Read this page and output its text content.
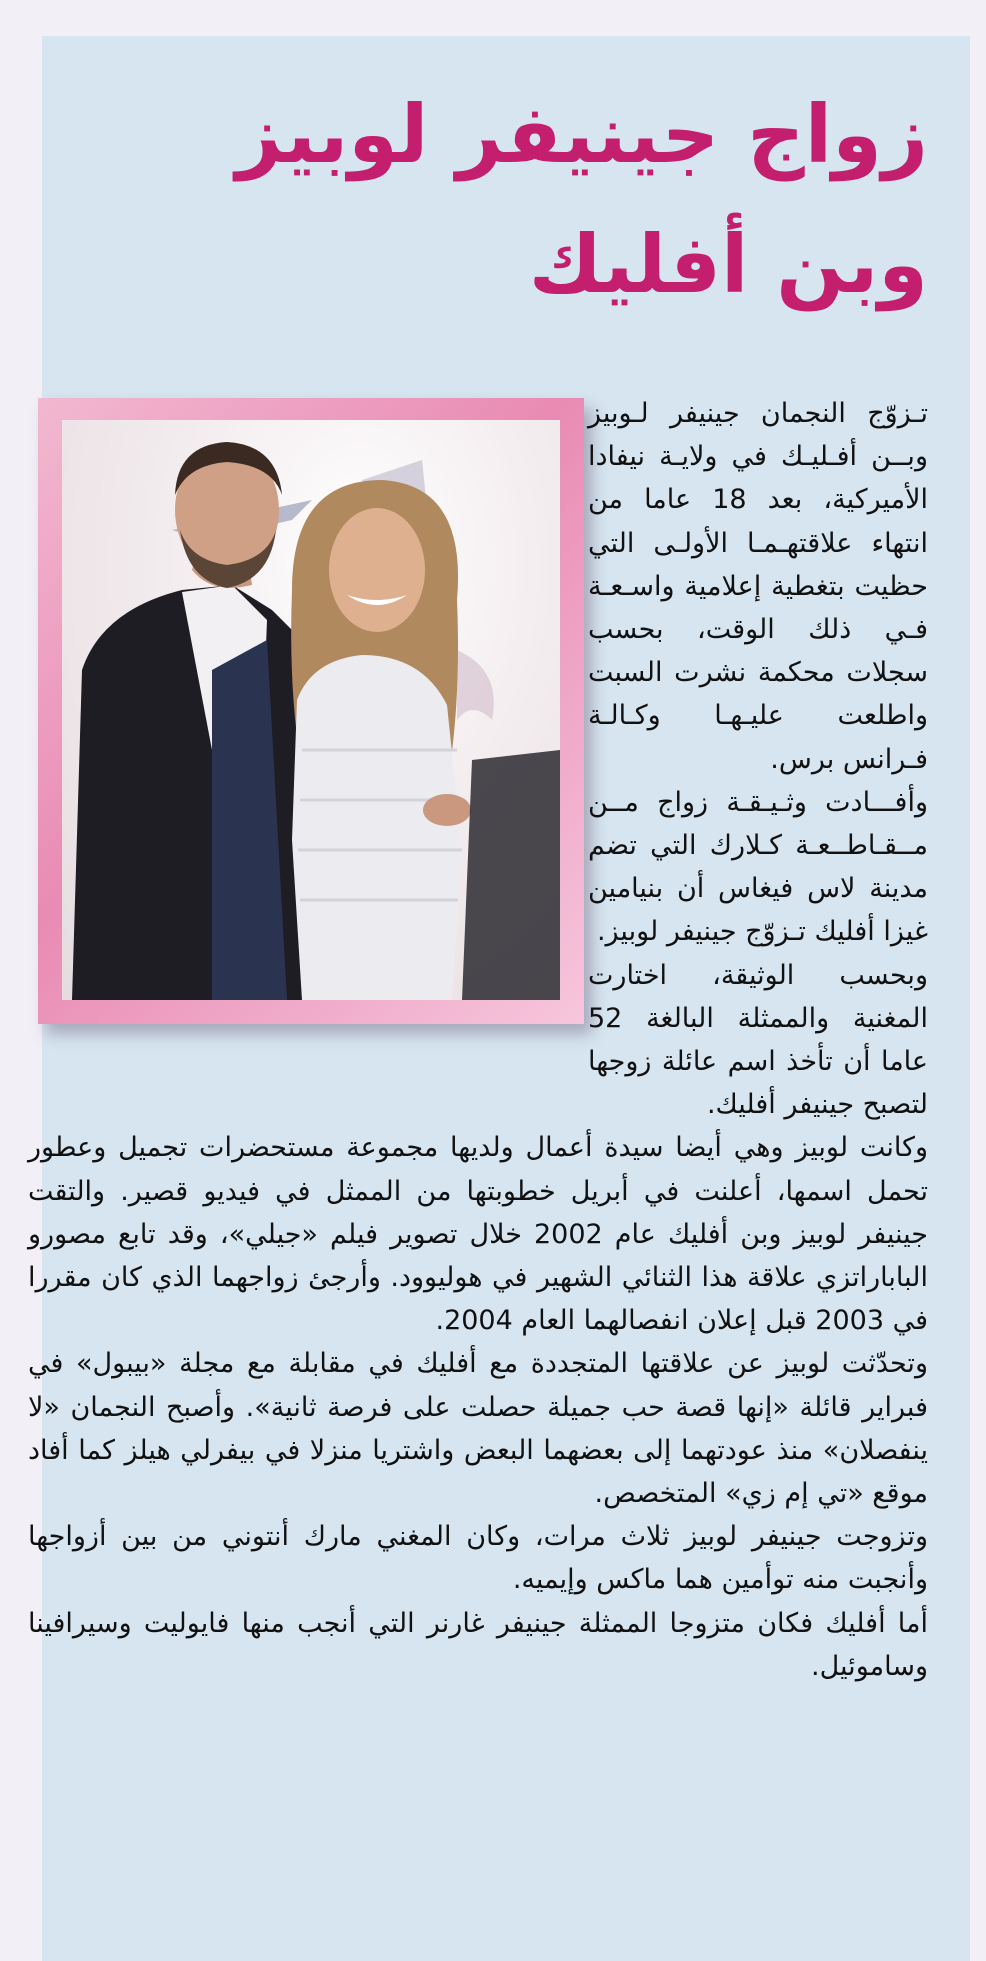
زواج جينيفر لوبيز وبن أفليك

تـزوّج النجمان جينيفر لـوبيز وبــن أفـليـك في ولايـة نيفادا الأميركية، بعد 18 عاما من انتهاء علاقتهـمـا الأولـى التي حظيت بتغطية إعلامية واسـعـة فـي ذلك الوقت، بحسب سجلات محكمة نشرت السبت واطلعت عليـهـا وكـالـة فـرانس برس.

وأفـــادت وثـيـقـة زواج مــن مــقـاطــعـة كـلارك التي تضم مدينة لاس فيغاس أن بنيامين غيزا أفليك تـزوّج جينيفر لوبيز.

وبحسب الوثيقة، اختارت المغنية والممثلة البالغة 52 عاما أن تأخذ اسم عائلة زوجها لتصبح جينيفر أفليك.

وكانت لوبيز وهي أيضا سيدة أعمال ولديها مجموعة مستحضرات تجميل وعطور تحمل اسمها، أعلنت في أبريل خطوبتها من الممثل في فيديو قصير. والتقت جينيفر لوبيز وبن أفليك عام 2002 خلال تصوير فيلم «جيلي»، وقد تابع مصورو الباباراتزي علاقة هذا الثنائي الشهير في هوليوود. وأرجئ زواجهما الذي كان مقررا في 2003 قبل إعلان انفصالهما العام 2004.

وتحدّثت لوبيز عن علاقتها المتجددة مع أفليك في مقابلة مع مجلة «بيبول» في فبراير قائلة «إنها قصة حب جميلة حصلت على فرصة ثانية». وأصبح النجمان «لا ينفصلان» منذ عودتهما إلى بعضهما البعض واشتريا منزلا في بيفرلي هيلز كما أفاد موقع «تي إم زي» المتخصص.

وتزوجت جينيفر لوبيز ثلاث مرات، وكان المغني مارك أنتوني من بين أزواجها وأنجبت منه توأمين هما ماكس وإيميه.

أما أفليك فكان متزوجا الممثلة جينيفر غارنر التي أنجب منها فايوليت وسيرافينا وساموئيل.
